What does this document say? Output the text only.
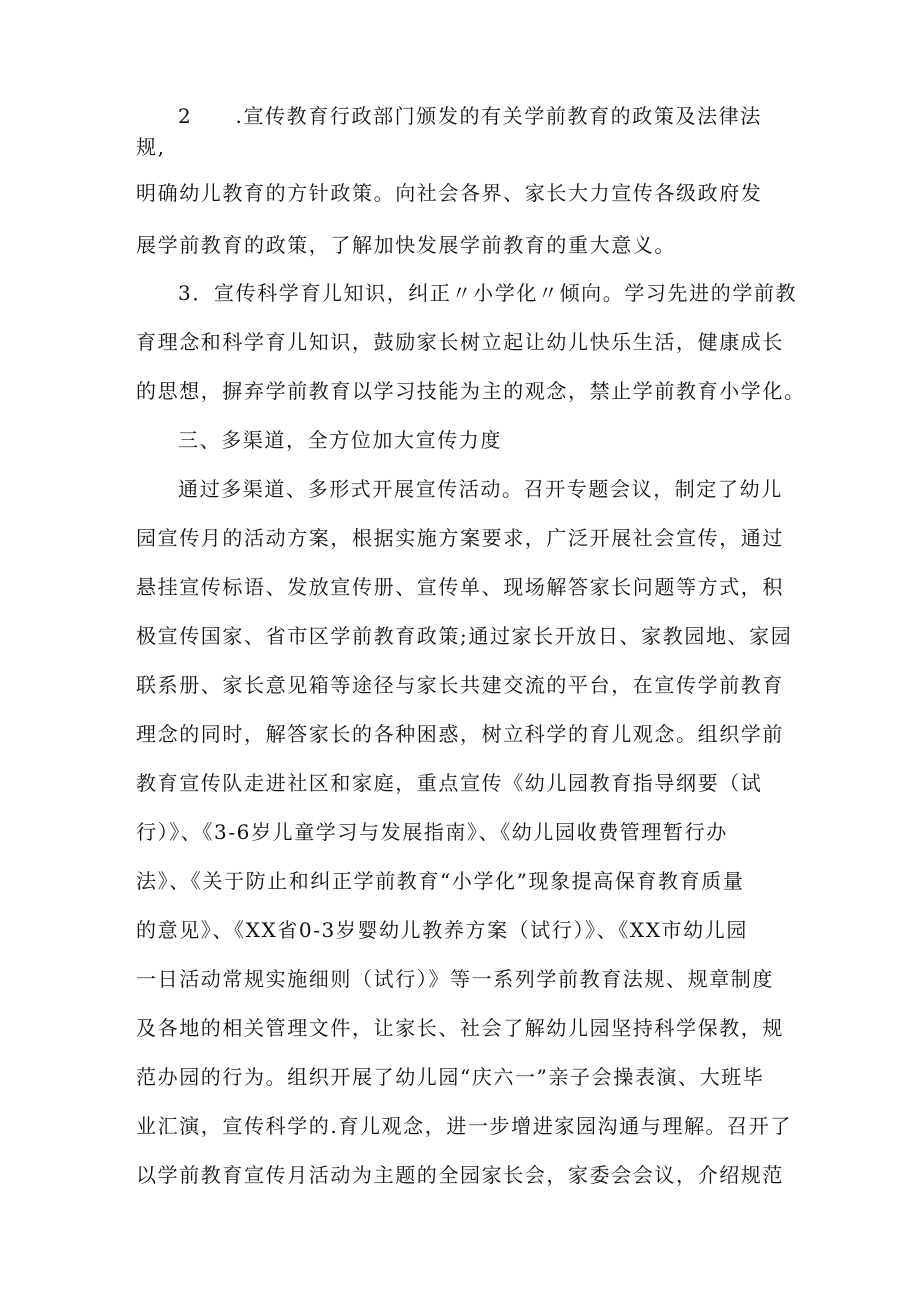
2　　.宣传教育行政部门颁发的有关学前教育的政策及法律法
规,
明确幼儿教育的方针政策。向社会各界、家长大力宣传各级政府发
展学前教育的政策，了解加快发展学前教育的重大意义。
3．宣传科学育儿知识，纠正〃小学化〃倾向。学习先进的学前教
育理念和科学育儿知识，鼓励家长树立起让幼儿快乐生活，健康成长
的思想，摒弃学前教育以学习技能为主的观念，禁止学前教育小学化。
三、多渠道，全方位加大宣传力度
通过多渠道、多形式开展宣传活动。召开专题会议，制定了幼儿
园宣传月的活动方案，根据实施方案要求，广泛开展社会宣传，通过
悬挂宣传标语、发放宣传册、宣传单、现场解答家长问题等方式，积
极宣传国家、省市区学前教育政策;通过家长开放日、家教园地、家园
联系册、家长意见箱等途径与家长共建交流的平台，在宣传学前教育
理念的同时，解答家长的各种困惑，树立科学的育儿观念。组织学前
教育宣传队走进社区和家庭，重点宣传《幼儿园教育指导纲要（试
行）》、《3-6岁儿童学习与发展指南》、《幼儿园收费管理暂行办
法》、《关于防止和纠正学前教育“小学化”现象提高保育教育质量
的意见》、《XX省0-3岁婴幼儿教养方案（试行）》、《XX市幼儿园
一日活动常规实施细则（试行）》等一系列学前教育法规、规章制度
及各地的相关管理文件，让家长、社会了解幼儿园坚持科学保教，规
范办园的行为。组织开展了幼儿园“庆六一”亲子会操表演、大班毕
业汇演，宣传科学的.育儿观念，进一步增进家园沟通与理解。召开了
以学前教育宣传月活动为主题的全园家长会，家委会会议，介绍规范
